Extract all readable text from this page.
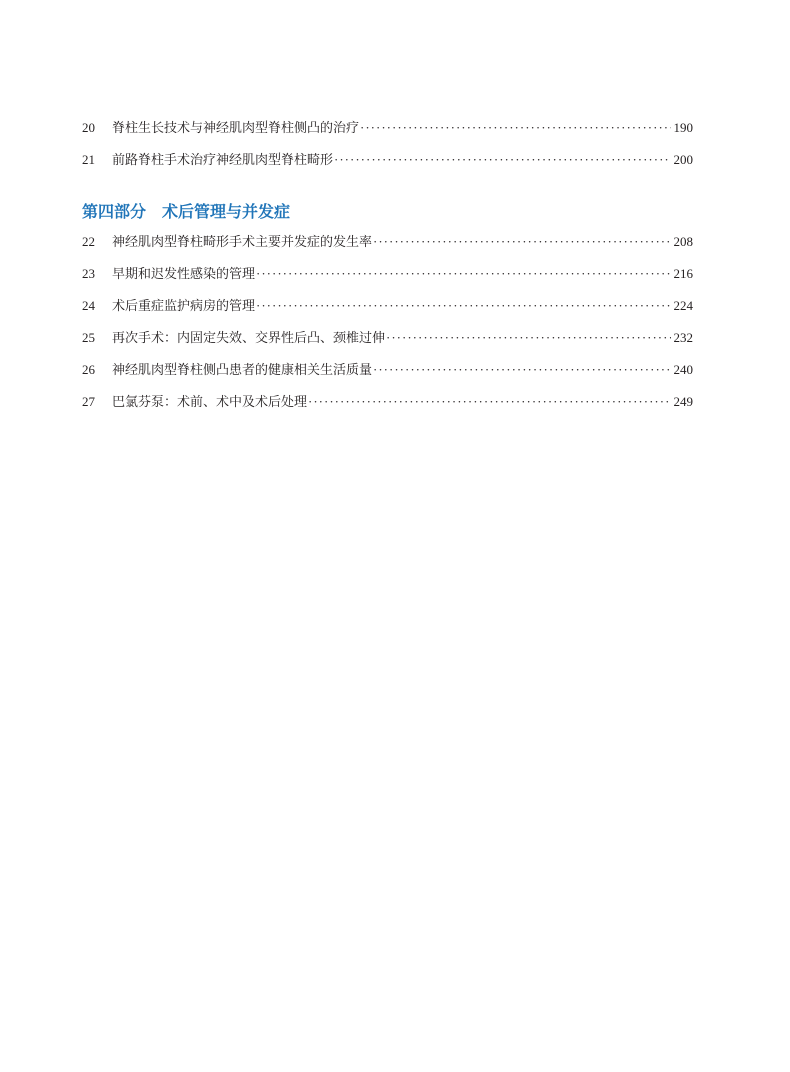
20	脊柱生长技术与神经肌肉型脊柱侧凸的治疗 ·····	190
21	前路脊柱手术治疗神经肌肉型脊柱畸形 ·····	200
第四部分 术后管理与并发症
22	神经肌肉型脊柱畸形手术主要并发症的发生率 ·····	208
23	早期和迟发性感染的管理 ·····	216
24	术后重症监护病房的管理 ·····	224
25	再次手术：内固定失效、交界性后凸、颈椎过伸 ·····	232
26	神经肌肉型脊柱侧凸患者的健康相关生活质量 ·····	240
27	巴氯芬泵：术前、术中及术后处理 ·····	249
